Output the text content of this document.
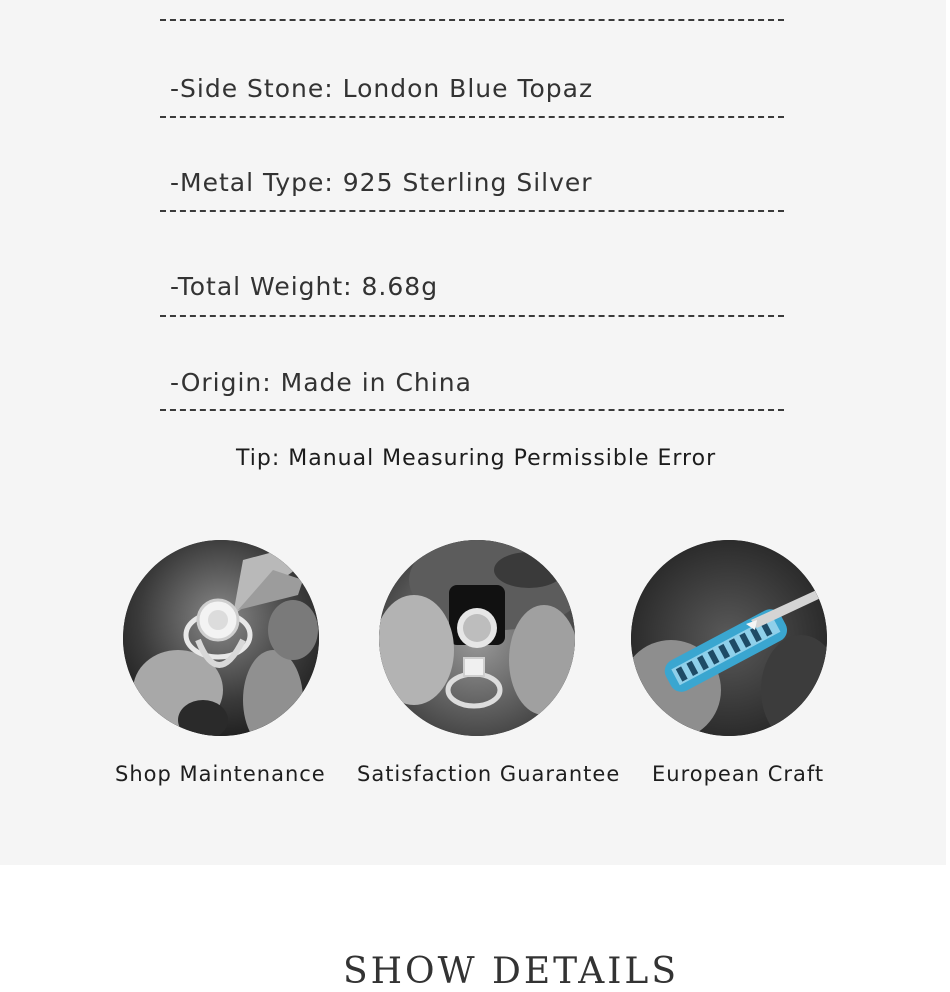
-Side Stone: London Blue Topaz
-Metal Type: 925 Sterling Silver
-Total Weight: 8.68g
-Origin: Made in China
Tip: Manual Measuring Permissible Error
Shop Maintenance Satisfaction Guarantee European Craft
SHOW DETAILS
